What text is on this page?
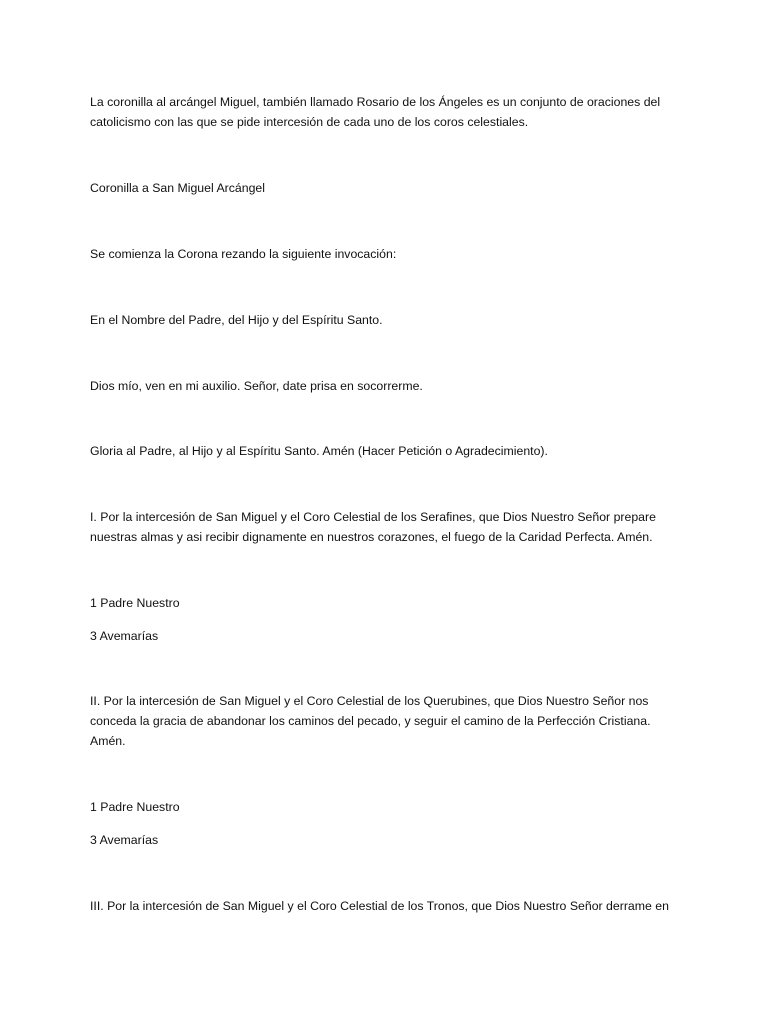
La coronilla al arcángel Miguel, también llamado Rosario de los Ángeles es un conjunto de oraciones del catolicismo con las que se pide intercesión de cada uno de los coros celestiales.

Coronilla a San Miguel Arcángel

Se comienza la Corona rezando la siguiente invocación:

En el Nombre del Padre, del Hijo y del Espíritu Santo.

Dios mío, ven en mi auxilio. Señor, date prisa en socorrerme.

Gloria al Padre, al Hijo y al Espíritu Santo. Amén (Hacer Petición o Agradecimiento).

I. Por la intercesión de San Miguel y el Coro Celestial de los Serafines, que Dios Nuestro Señor prepare nuestras almas y asi recibir dignamente en nuestros corazones, el fuego de la Caridad Perfecta. Amén.

1 Padre Nuestro

3 Avemarías

II. Por la intercesión de San Miguel y el Coro Celestial de los Querubines, que Dios Nuestro Señor nos conceda la gracia de abandonar los caminos del pecado, y seguir el camino de la Perfección Cristiana. Amén.

1 Padre Nuestro

3 Avemarías

III. Por la intercesión de San Miguel y el Coro Celestial de los Tronos, que Dios Nuestro Señor derrame en
